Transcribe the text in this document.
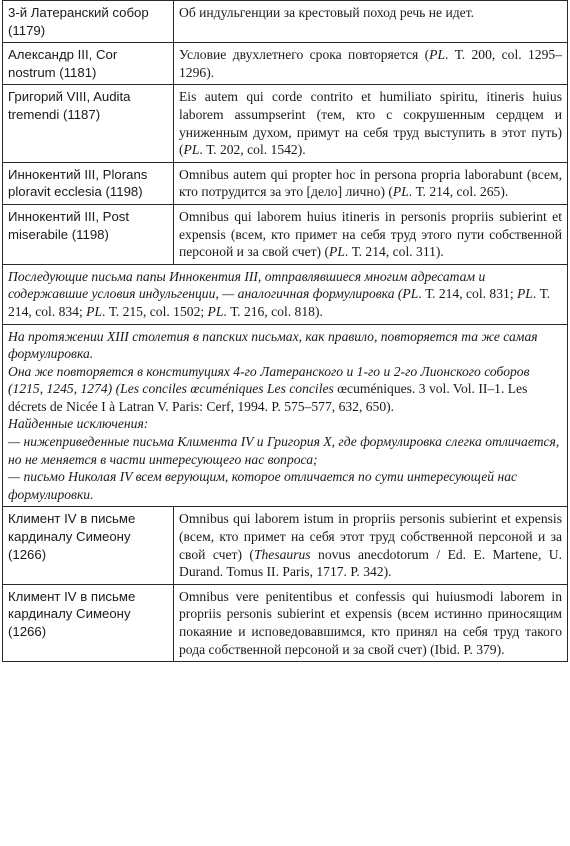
3-й Латеранский собор (1179)	Об индульгенции за крестовый поход речь не идет.
Александр III, Cor nostrum (1181)	Условие двухлетнего срока повторяется (PL. Т. 200, col. 1295–1296).
Григорий VIII, Audita tremendi (1187)	Eis autem qui corde contrito et humiliato spiritu, itineris huius laborem assumpserint (тем, кто с сокрушенным сердцем и униженным духом, примут на себя труд выступить в этот путь) (PL. Т. 202, col. 1542).
Иннокентий III, Plorans ploravit ecclesia (1198)	Omnibus autem qui propter hoc in persona propria laborabunt (всем, кто потрудится за это [дело] лично) (PL. Т. 214, col. 265).
Иннокентий III, Post miserabile (1198)	Omnibus qui laborem huius itineris in personis propriis subierint et expensis (всем, кто примет на себя труд этого пути собственной персоной и за свой счет) (PL. Т. 214, col. 311).
Последующие письма папы Иннокентия III, отправлявшиеся многим адресатам и содержавшие условия индульгенции, — аналогичная формулировка (PL. Т. 214, col. 831; PL. Т. 214, col. 834; PL. Т. 215, col. 1502; PL. Т. 216, col. 818).	

На протяжении XIII столетия в папских письмах, как правило, повторяется та же самая формулировка.
Она же повторяется в конституциях 4-го Латеранского и 1-го и 2-го Лионского соборов (1215, 1245, 1274) (Les conciles œcuméniques Les conciles œcuméniques. 3 vol. Vol. II–1. Les décrets de Nicée I à Latran V. Paris: Cerf, 1994. P. 575–577, 632, 650).
Найденные исключения:
— нижеприведенные письма Климента IV и Григория X, где формулировка слегка отличается, но не меняется в части интересующего нас вопроса;
— письмо Николая IV всем верующим, которое отличается по сути интересующей нас формулировки.	

Климент IV в письме кардиналу Симеону (1266)	Omnibus qui laborem istum in propriis personis subierint et expensis (всем, кто примет на себя этот труд собственной персоной и за свой счет) (Thesaurus novus anecdotorum / Ed. E. Martene, U. Durand. Tomus II. Paris, 1717. P. 342).
Климент IV в письме кардиналу Симеону (1266)	Omnibus vere penitentibus et confessis qui huiusmodi laborem in propriis personis subierint et expensis (всем истинно приносящим покаяние и исповедовавшимся, кто принял на себя труд такого рода собственной персоной и за свой счет) (Ibid. P. 379).
